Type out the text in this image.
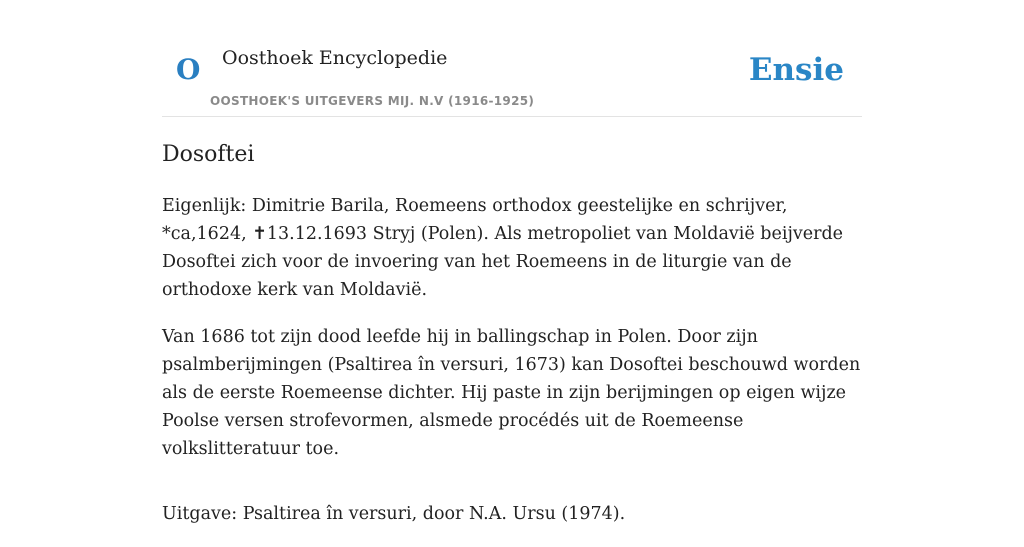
O Oosthoek Encyclopedie
OOSTHOEK'S UITGEVERS MIJ. N.V (1916-1925)
Ensie
Dosoftei

Eigenlijk: Dimitrie Barila, Roemeens orthodox geestelijke en schrijver, *ca,1624, ✝13.12.1693 Stryj (Polen). Als metropoliet van Moldavië beijverde Dosoftei zich voor de invoering van het Roemeens in de liturgie van de orthodoxe kerk van Moldavië.

Van 1686 tot zijn dood leefde hij in ballingschap in Polen. Door zijn psalmberijmingen (Psaltirea în versuri, 1673) kan Dosoftei beschouwd worden als de eerste Roemeense dichter. Hij paste in zijn berijmingen op eigen wijze Poolse versen strofevormen, alsmede procédés uit de Roemeense volkslitteratuur toe.

Uitgave: Psaltirea în versuri, door N.A. Ursu (1974).
